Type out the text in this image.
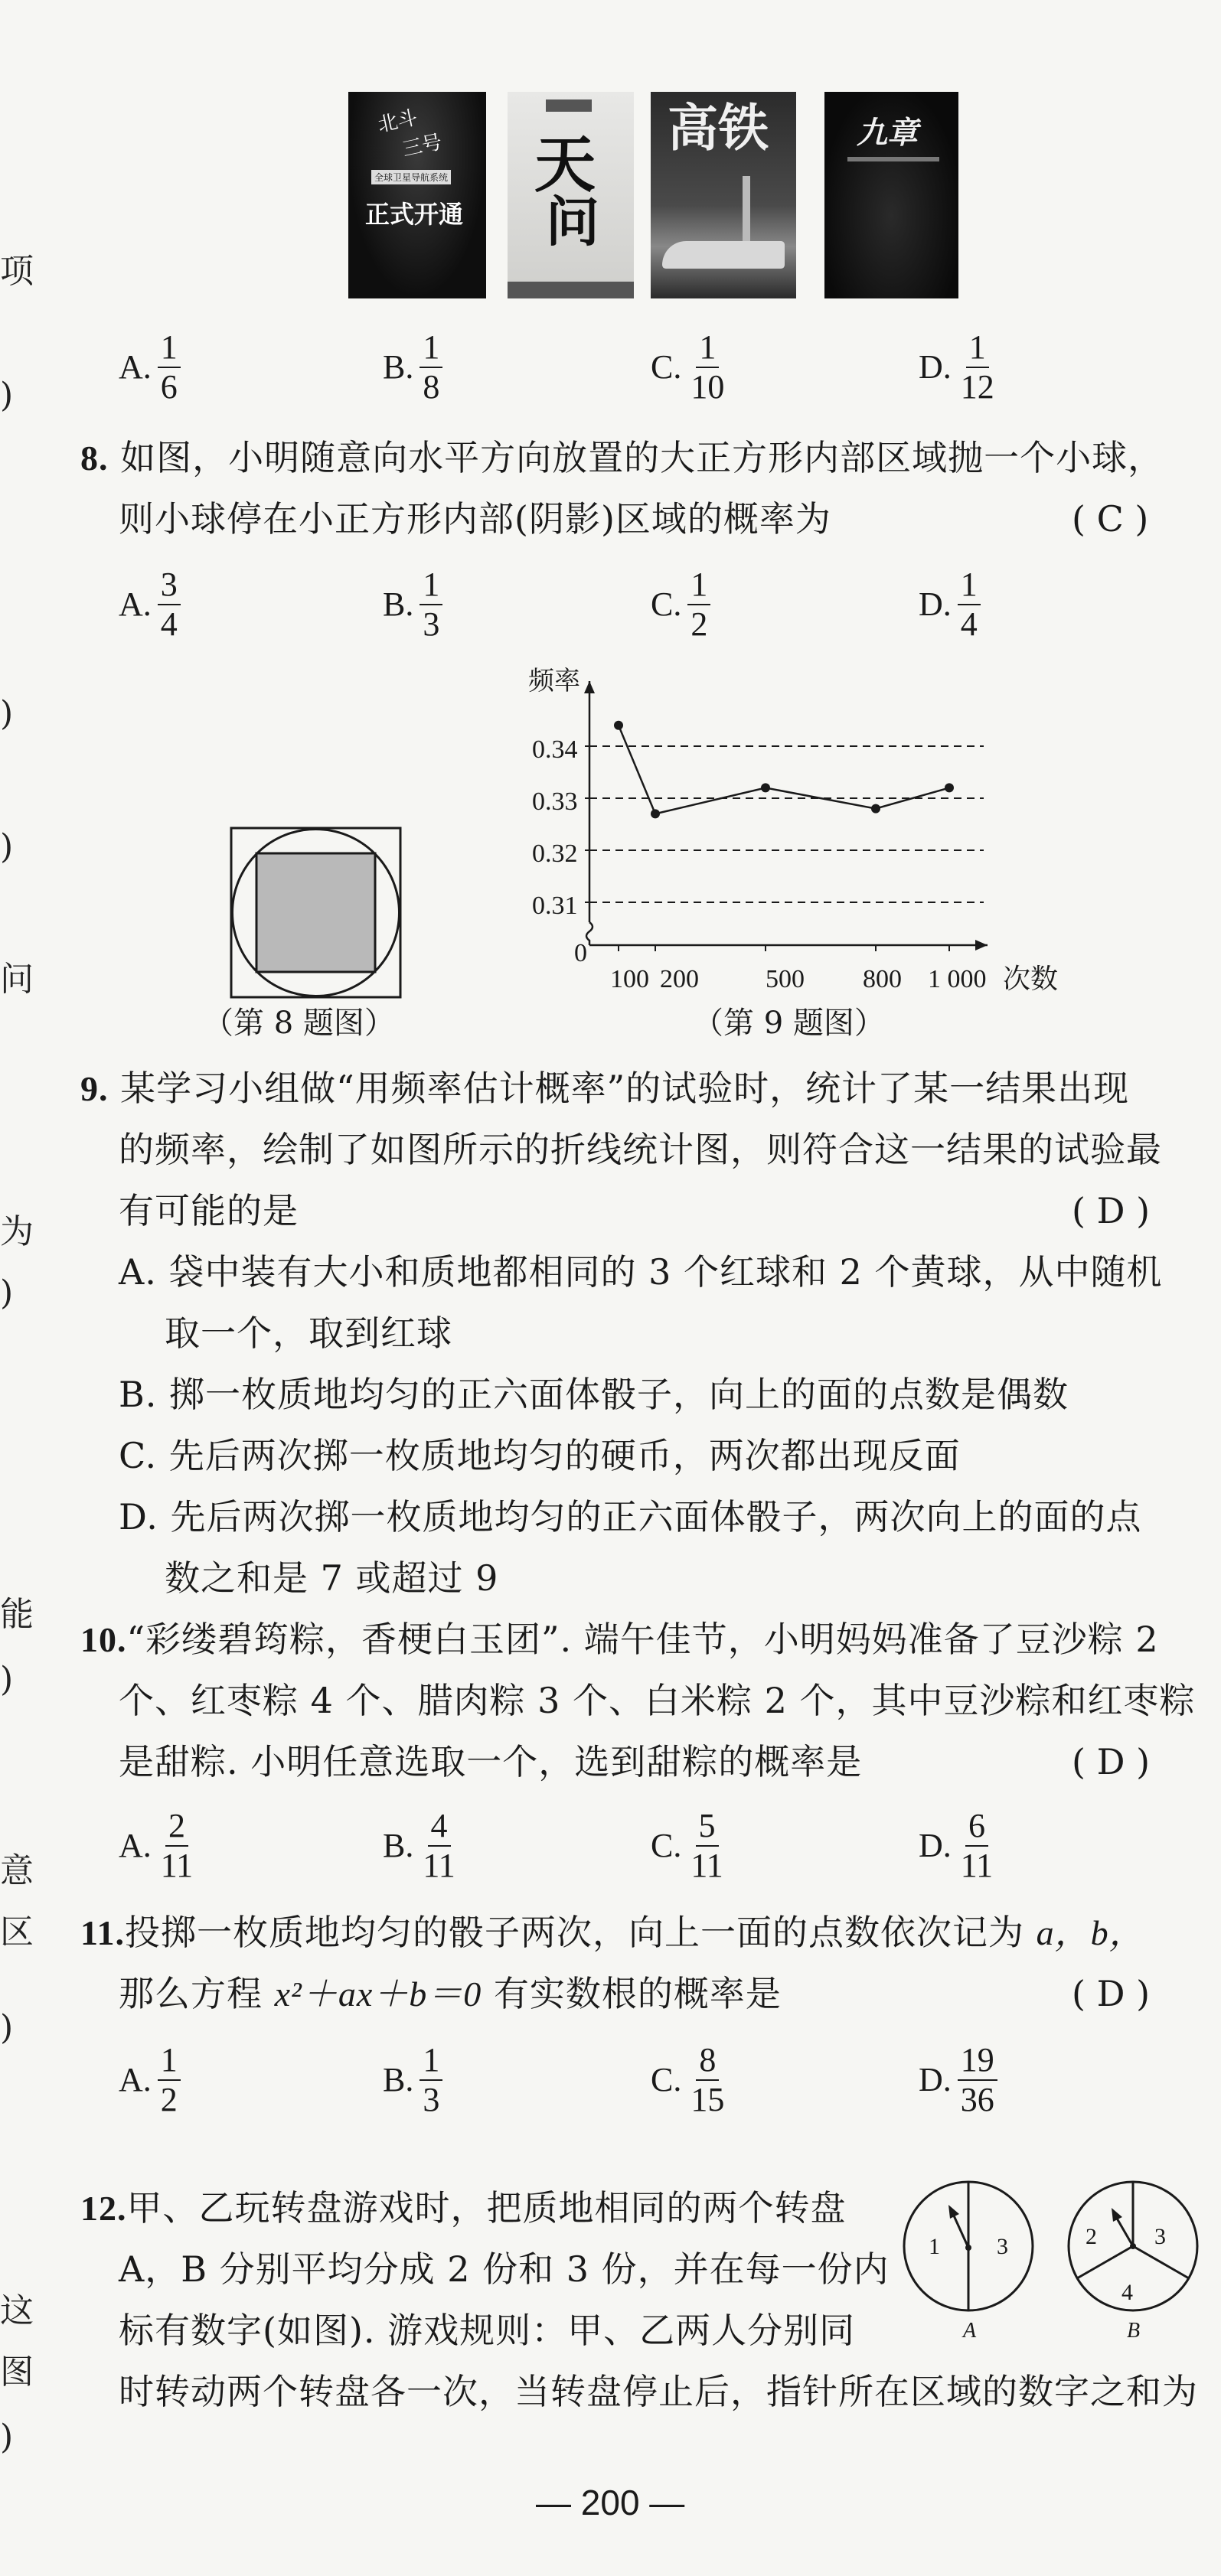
项
)
)
)
问
为
)
能
)
意
区
)
这
图
)
北斗
三号
全球卫星导航系统
正式开通
天
问
高铁	九章
A. $\frac{1}{6}$	B. $\frac{1}{8}$	C. $\frac{1}{10}$	D. $\frac{1}{12}$
8. 如图，小明随意向水平方向放置的大正方形内部区域抛一个小球，
则小球停在小正方形内部(阴影)区域的概率为	( C )
A. $\frac{3}{4}$	B. $\frac{1}{3}$	C. $\frac{1}{2}$	D. $\frac{1}{4}$
（第 8 题图）
频率
次数
0.34
0.33
0.32
0.31
0
100 200	500 800 1 000
（第 9 题图）
9. 某学习小组做“用频率估计概率”的试验时，统计了某一结果出现
的频率，绘制了如图所示的折线统计图，则符合这一结果的试验最
有可能的是	( D )
A. 袋中装有大小和质地都相同的 3 个红球和 2 个黄球，从中随机
取一个，取到红球
B. 掷一枚质地均匀的正六面体骰子，向上的面的点数是偶数
C. 先后两次掷一枚质地均匀的硬币，两次都出现反面
D. 先后两次掷一枚质地均匀的正六面体骰子，两次向上的面的点
数之和是 7 或超过 9
10.“彩缕碧筠粽，香梗白玉团”. 端午佳节，小明妈妈准备了豆沙粽 2
个、红枣粽 4 个、腊肉粽 3 个、白米粽 2 个，其中豆沙粽和红枣粽
是甜粽. 小明任意选取一个，选到甜粽的概率是	( D )
A. $\frac{2}{11}$	B. $\frac{4}{11}$	C. $\frac{5}{11}$	D. $\frac{6}{11}$
11.投掷一枚质地均匀的骰子两次，向上一面的点数依次记为 a，b，
那么方程 x²＋ax＋b＝0 有实数根的概率是	( D )
A. $\frac{1}{2}$	B. $\frac{1}{3}$	C. $\frac{8}{15}$	D. $\frac{19}{36}$
12.甲、乙玩转盘游戏时，把质地相同的两个转盘
A，B 分别平均分成 2 份和 3 份，并在每一份内
标有数字(如图). 游戏规则：甲、乙两人分别同
时转动两个转盘各一次，当转盘停止后，指针所在区域的数字之和为
1 3
A
2	3
4
B
— 200 —
